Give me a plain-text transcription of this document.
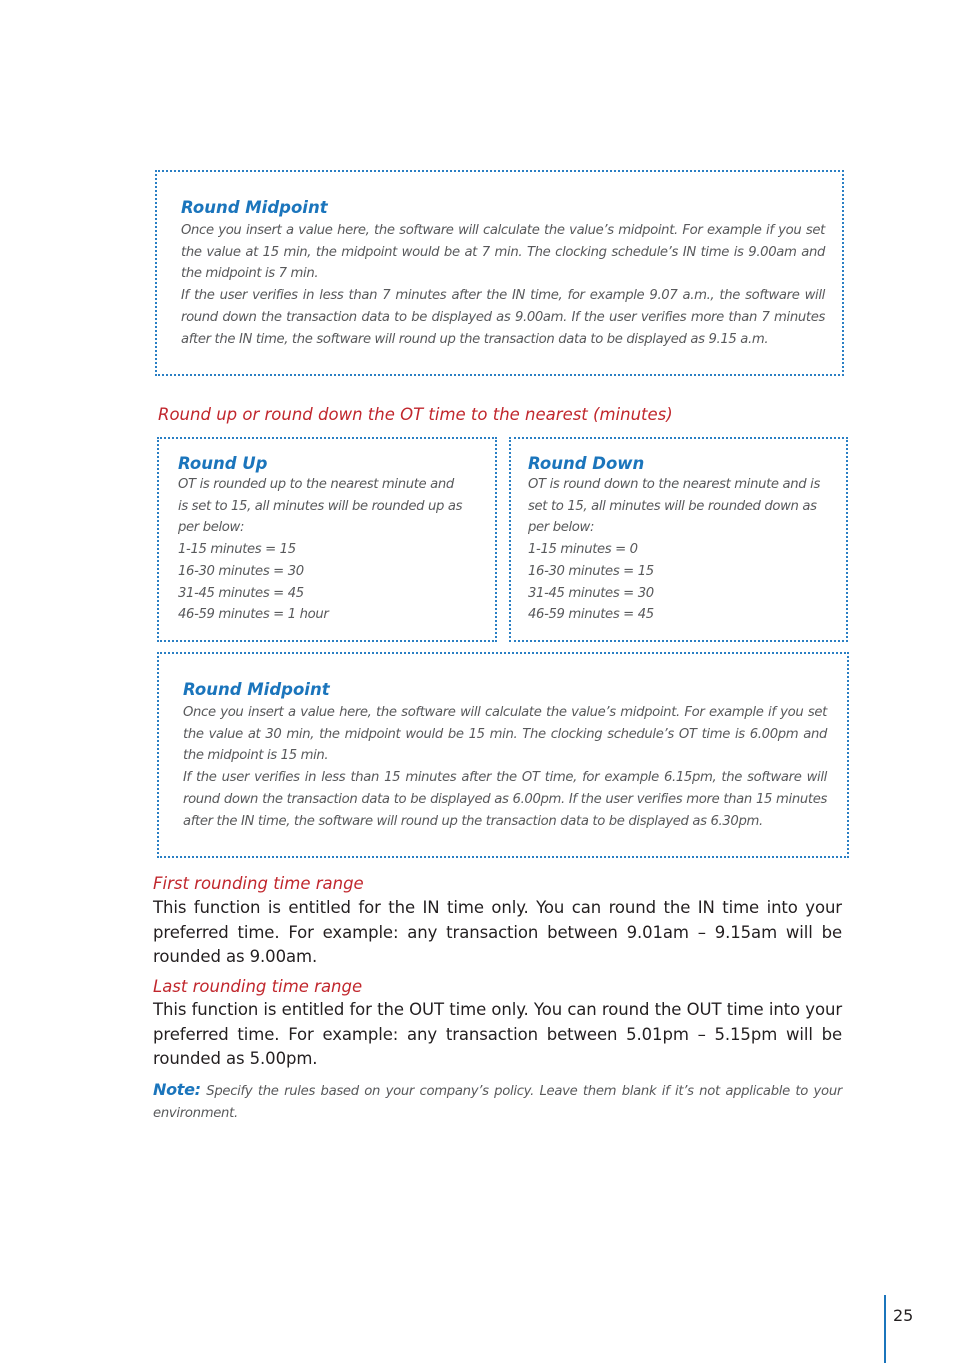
Round Midpoint

Once you insert a value here, the software will calculate the value’s midpoint. For example if you set the value at 15 min, the midpoint would be at 7 min. The clocking schedule’s IN time is 9.00am and the midpoint is 7 min.

If the user verifies in less than 7 minutes after the IN time, for example 9.07 a.m., the software will round down the transaction data to be displayed as 9.00am. If the user verifies more than 7 minutes after the IN time, the software will round up the transaction data to be displayed as 9.15 a.m.

Round up or round down the OT time to the nearest (minutes)
Round Up
OT is rounded up to the nearest minute and
is set to 15, all minutes will be rounded up as
per below:
1-15 minutes = 15
16-30 minutes = 30
31-45 minutes = 45
46-59 minutes = 1 hour
Round Down
OT is round down to the nearest minute and is
set to 15, all minutes will be rounded down as
per below:
1-15 minutes = 0
16-30 minutes = 15
31-45 minutes = 30
46-59 minutes = 45
Round Midpoint

Once you insert a value here, the software will calculate the value’s midpoint. For example if you set the value at 30 min, the midpoint would be 15 min. The clocking schedule’s OT time is 6.00pm and the midpoint is 15 min.

If the user verifies in less than 15 minutes after the OT time, for example 6.15pm, the software will round down the transaction data to be displayed as 6.00pm. If the user verifies more than 15 minutes after the IN time, the software will round up the transaction data to be displayed as 6.30pm.

First rounding time range

This function is entitled for the IN time only. You can round the IN time into your preferred time. For example: any transaction between 9.01am – 9.15am will be rounded as 9.00am.

Last rounding time range

This function is entitled for the OUT time only. You can round the OUT time into your preferred time. For example: any transaction between 5.01pm – 5.15pm will be rounded as 5.00pm.

Note: Specify the rules based on your company’s policy. Leave them blank if it’s not applicable to your environment.

25
